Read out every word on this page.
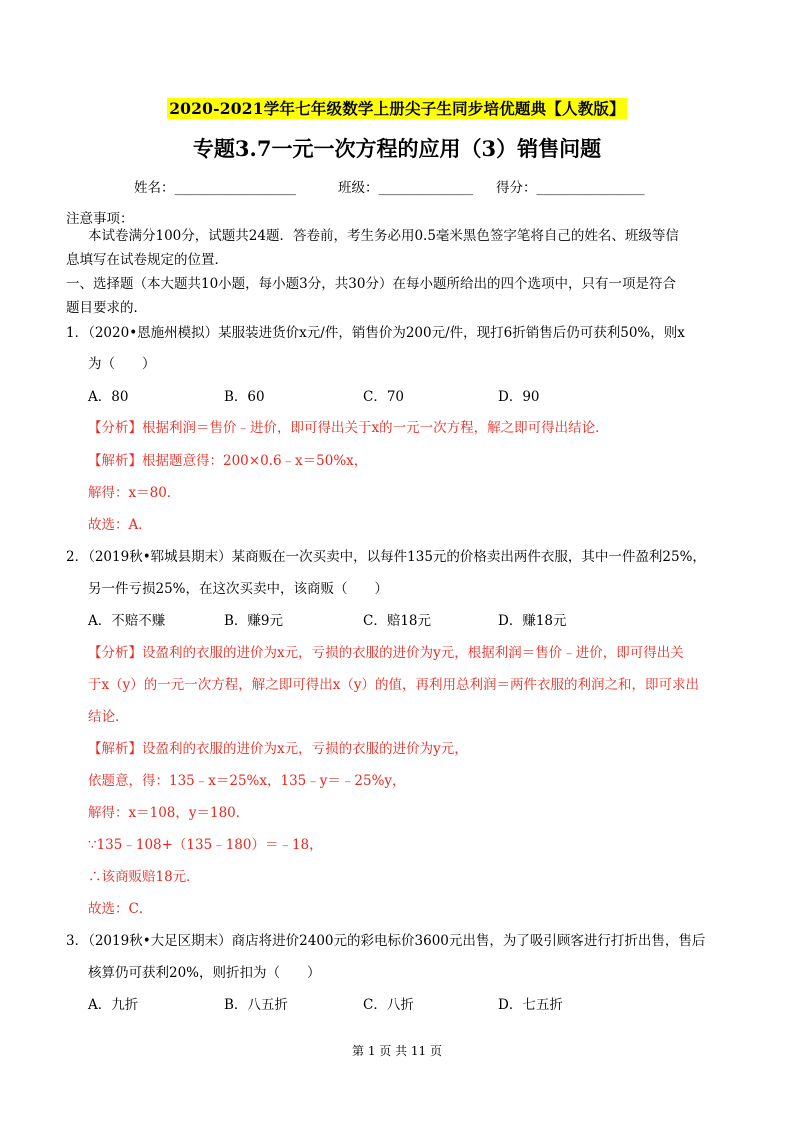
2020-2021学年七年级数学上册尖子生同步培优题典【人教版】
专题3.7一元一次方程的应用（3）销售问题
姓名：__________________	班级：______________ 得分：________________
注意事项：
本试卷满分100分，试题共24题．答卷前，考生务必用0.5毫米黑色签字笔将自己的姓名、班级等信
息填写在试卷规定的位置．
一、选择题（本大题共10小题，每小题3分，共30分）在每小题所给出的四个选项中，只有一项是符合
题目要求的．
1．（2020•恩施州模拟）某服装进货价x元/件，销售价为200元/件，现打6折销售后仍可获利50%，则x
为（　　）
A．80	B．60	C．70	D．90
【分析】根据利润＝售价﹣进价，即可得出关于x的一元一次方程，解之即可得出结论．
【解析】根据题意得：200×0.6﹣x＝50%x，
解得：x＝80．
故选：A．
2．（2019秋•郓城县期末）某商贩在一次买卖中，以每件135元的价格卖出两件衣服，其中一件盈利25%，
另一件亏损25%，在这次买卖中，该商贩（　　）
A．不赔不赚	B．赚9元	C．赔18元	D．赚18元
【分析】设盈利的衣服的进价为x元，亏损的衣服的进价为y元，根据利润＝售价﹣进价，即可得出关
于x（y）的一元一次方程，解之即可得出x（y）的值，再利用总利润＝两件衣服的利润之和，即可求出
结论．
【解析】设盈利的衣服的进价为x元，亏损的衣服的进价为y元，
依题意，得：135﹣x＝25%x，135﹣y＝﹣25%y，
解得：x＝108，y＝180．
∵135﹣108+（135﹣180）＝﹣18，
∴该商贩赔18元．
故选：C．
3．（2019秋•大足区期末）商店将进价2400元的彩电标价3600元出售，为了吸引顾客进行打折出售，售后
核算仍可获利20%，则折扣为（　　）
A．九折	B．八五折	C．八折	D．七五折
第 1 页 共 11 页
